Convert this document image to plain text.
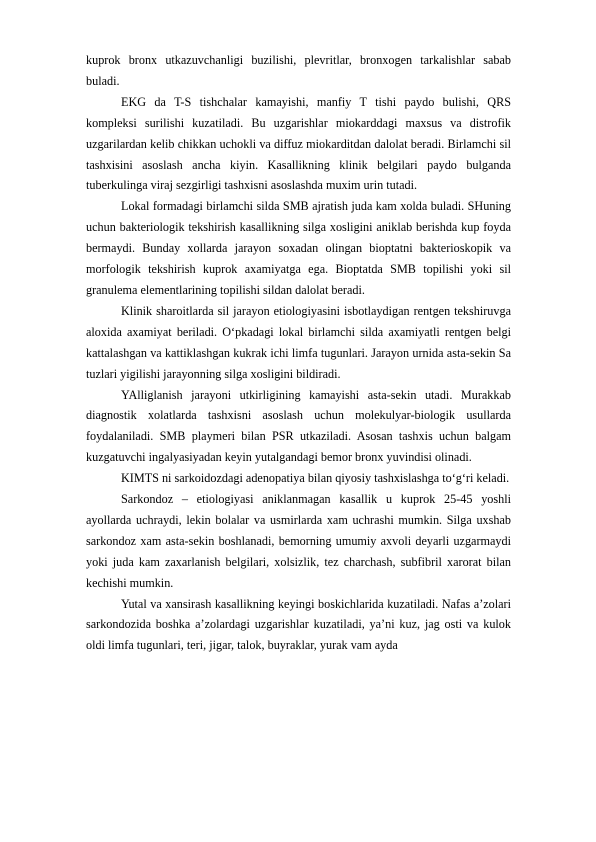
kuprok bronx utkazuvchanligi buzilishi, plevritlar, bronxogen tarkalishlar sabab buladi.

EKG da T-S tishchalar kamayishi, manfiy T tishi paydo bulishi, QRS kompleksi surilishi kuzatiladi. Bu uzgarishlar miokarddagi maxsus va distrofik uzgarilardan kelib chikkan uchokli va diffuz miokarditdan dalolat beradi. Birlamchi sil tashxisini asoslash ancha kiyin. Kasallikning klinik belgilari paydo bulganda tuberkulinga viraj sezgirligi tashxisni asoslashda muxim urin tutadi.

Lokal formadagi birlamchi silda SMB ajratish juda kam xolda buladi. SHuning uchun bakteriologik tekshirish kasallikning silga xosligini aniklab berishda kup foyda bermaydi. Bunday xollarda jarayon soxadan olingan bioptatni bakterioskopik va morfologik tekshirish kuprok axamiyatga ega. Bioptatda SMB topilishi yoki sil granulema elementlarining topilishi sildan dalolat beradi.

Klinik sharoitlarda sil jarayon etiologiyasini isbotlaydigan rentgen tekshiruvga aloxida axamiyat beriladi. O‘pkadagi lokal birlamchi silda axamiyatli rentgen belgi kattalashgan va kattiklashgan kukrak ichi limfa tugunlari. Jarayon urnida asta-sekin Sa tuzlari yigilishi jarayonning silga xosligini bildiradi.

YAlliglanish jarayoni utkirligining kamayishi asta-sekin utadi. Murakkab diagnostik xolatlarda tashxisni asoslash uchun molekulyar-biologik usullarda foydalaniladi. SMB playmeri bilan PSR utkaziladi. Asosan tashxis uchun balgam kuzgatuvchi ingalyasiyadan keyin yutalgandagi bemor bronx yuvindisi olinadi.

KIMTS ni sarkoidozdagi adenopatiya bilan qiyosiy tashxislashga to‘g‘ri keladi.

Sarkondoz – etiologiyasi aniklanmagan kasallik u kuprok 25-45 yoshli ayollarda uchraydi, lekin bolalar va usmirlarda xam uchrashi mumkin. Silga uxshab sarkondoz xam asta-sekin boshlanadi, bemorning umumiy axvoli deyarli uzgarmaydi yoki juda kam zaxarlanish belgilari, xolsizlik, tez charchash, subfibril xarorat bilan kechishi mumkin.

Yutal va xansirash kasallikning keyingi boskichlarida kuzatiladi. Nafas a’zolari sarkondozida boshka a’zolardagi uzgarishlar kuzatiladi, ya’ni kuz, jag osti va kulok oldi limfa tugunlari, teri, jigar, talok, buyraklar, yurak vam ayda
